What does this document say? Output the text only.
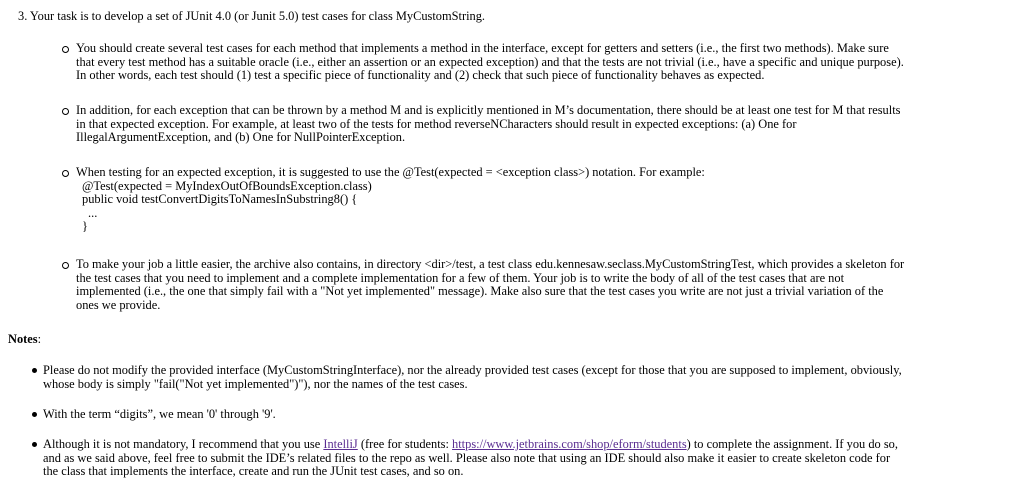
3. Your task is to develop a set of JUnit 4.0 (or Junit 5.0) test cases for class MyCustomString.
You should create several test cases for each method that implements a method in the interface, except for getters and setters (i.e., the first two methods). Make sure
that every test method has a suitable oracle (i.e., either an assertion or an expected exception) and that the tests are not trivial (i.e., have a specific and unique purpose).
In other words, each test should (1) test a specific piece of functionality and (2) check that such piece of functionality behaves as expected.
In addition, for each exception that can be thrown by a method M and is explicitly mentioned in M’s documentation, there should be at least one test for M that results
in that expected exception. For example, at least two of the tests for method reverseNCharacters should result in expected exceptions: (a) One for
IllegalArgumentException, and (b) One for NullPointerException.
When testing for an expected exception, it is suggested to use the @Test(expected = <exception class>) notation. For example:
@Test(expected = MyIndexOutOfBoundsException.class)
public void testConvertDigitsToNamesInSubstring8() {
...
}
To make your job a little easier, the archive also contains, in directory <dir>/test, a test class edu.kennesaw.seclass.MyCustomStringTest, which provides a skeleton for
the test cases that you need to implement and a complete implementation for a few of them. Your job is to write the body of all of the test cases that are not
implemented (i.e., the one that simply fail with a "Not yet implemented" message). Make also sure that the test cases you write are not just a trivial variation of the
ones we provide.
Notes:
Please do not modify the provided interface (MyCustomStringInterface), nor the already provided test cases (except for those that you are supposed to implement, obviously,
whose body is simply "fail("Not yet implemented")"), nor the names of the test cases.
With the term “digits”, we mean '0' through '9'.
Although it is not mandatory, I recommend that you use IntelliJ (free for students: https://www.jetbrains.com/shop/eform/students) to complete the assignment. If you do so,
and as we said above, feel free to submit the IDE’s related files to the repo as well. Please also note that using an IDE should also make it easier to create skeleton code for
the class that implements the interface, create and run the JUnit test cases, and so on.
